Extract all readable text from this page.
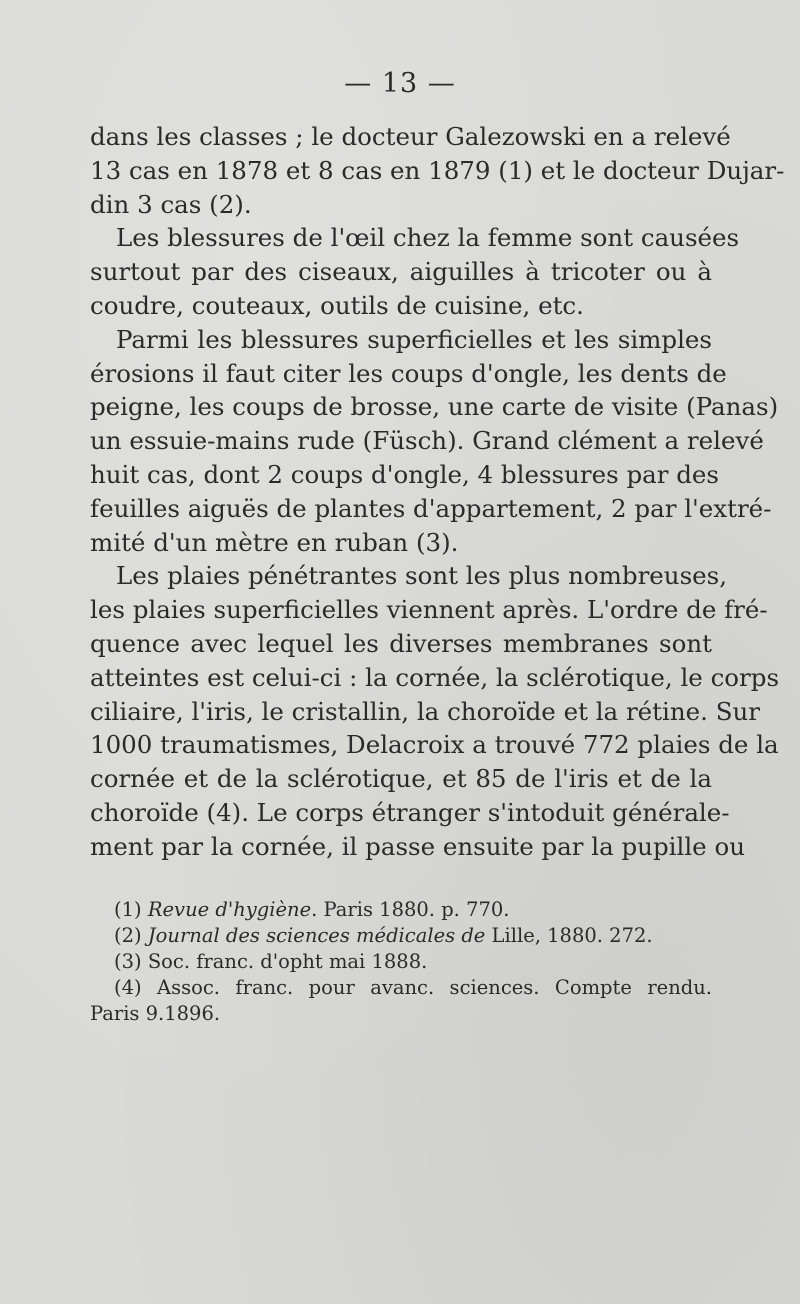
— 13 —
dans les classes ; le docteur Galezowski en a relevé
13 cas en 1878 et 8 cas en 1879 (1) et le docteur Dujar-
din 3 cas (2).
Les blessures de l'œil chez la femme sont causées
surtout par des ciseaux, aiguilles à tricoter ou à
coudre, couteaux, outils de cuisine, etc.
Parmi les blessures superficielles et les simples
érosions il faut citer les coups d'ongle, les dents de
peigne, les coups de brosse, une carte de visite (Panas)
un essuie-mains rude (Füsch). Grand clément a relevé
huit cas, dont 2 coups d'ongle, 4 blessures par des
feuilles aiguës de plantes d'appartement, 2 par l'extré-
mité d'un mètre en ruban (3).
Les plaies pénétrantes sont les plus nombreuses,
les plaies superficielles viennent après. L'ordre de fré-
quence avec lequel les diverses membranes sont
atteintes est celui-ci : la cornée, la sclérotique, le corps
ciliaire, l'iris, le cristallin, la choroïde et la rétine. Sur
1000 traumatismes, Delacroix a trouvé 772 plaies de la
cornée et de la sclérotique, et 85 de l'iris et de la
choroïde (4). Le corps étranger s'intoduit générale-
ment par la cornée, il passe ensuite par la pupille ou
(1) Revue d'hygiène. Paris 1880. p. 770.
(2) Journal des sciences médicales de Lille, 1880. 272.
(3) Soc. franc. d'opht mai 1888.
(4) Assoc. franc. pour avanc. sciences. Compte rendu.
Paris 9.1896.
